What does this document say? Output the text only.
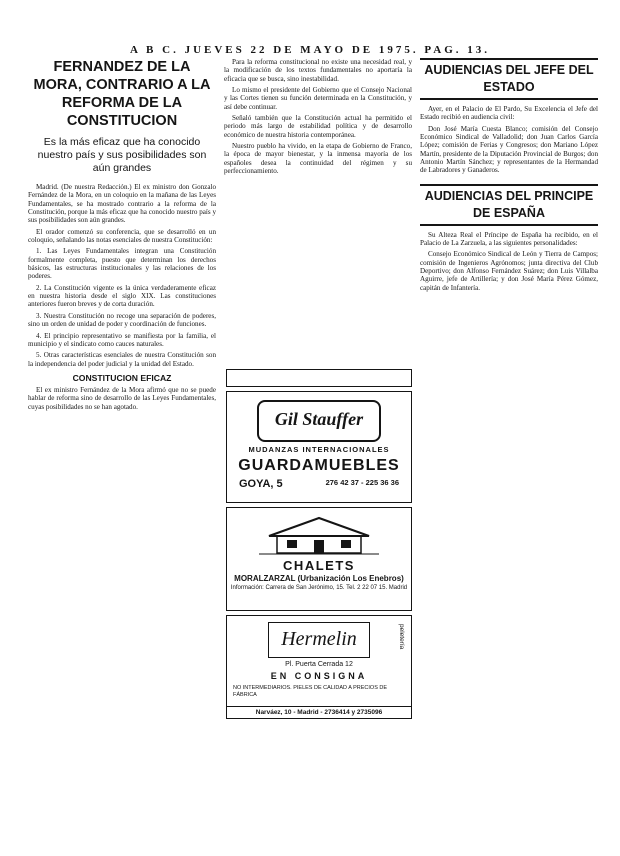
A B C. JUEVES 22 DE MAYO DE 1975. PAG. 13.
FERNANDEZ DE LA MORA, CONTRARIO A LA REFORMA DE LA CONSTITUCION

Es la más eficaz que ha conocido nuestro país y sus posibilidades son aún grandes

Madrid. (De nuestra Redacción.) El ex ministro don Gonzalo Fernández de la Mora, en un coloquio en la mañana de las Leyes Fundamentales, se ha mostrado contrario a la reforma de la Constitución, porque la más eficaz que ha conocido nuestro país y sus posibilidades son aún grandes.

El orador comenzó su conferencia, que se desarrolló en un coloquio, señalando las notas esenciales de nuestra Constitución:

1. Las Leyes Fundamentales integran una Constitución formalmente completa, puesto que determinan los derechos básicos, las estructuras institucionales y las relaciones de los poderes.

2. La Constitución vigente es la única verdaderamente eficaz en nuestra historia desde el siglo XIX. Las constituciones anteriores fueron breves y de corta duración.

3. Nuestra Constitución no recoge una separación de poderes, sino un orden de unidad de poder y coordinación de funciones.

4. El principio representativo se manifiesta por la familia, el municipio y el sindicato como cauces naturales.

5. Otras características esenciales de nuestra Constitución son la independencia del poder judicial y la unidad del Estado.

CONSTITUCION EFICAZ

El ex ministro Fernández de la Mora afirmó que no se puede hablar de reforma sino de desarrollo de las Leyes Fundamentales, cuyas posibilidades no se han agotado.

Para la reforma constitucional no existe una necesidad real, y la modificación de los textos fundamentales no aportaría la eficacia que se busca, sino inestabilidad.

Lo mismo el presidente del Gobierno que el Consejo Nacional y las Cortes tienen su función determinada en la Constitución, y así debe continuar.

Señaló también que la Constitución actual ha permitido el periodo más largo de estabilidad política y de desarrollo económico de nuestra historia contemporánea.

Nuestro pueblo ha vivido, en la etapa de Gobierno de Franco, la época de mayor bienestar, y la inmensa mayoría de los españoles desea la continuidad del régimen y su perfeccionamiento.

Gil Stauffer
MUDANZAS INTERNACIONALES
GUARDAMUEBLES
GOYA, 5	276 42 37 - 225 36 36
CHALETS
MORALZARZAL (Urbanización Los Enebros)
Información: Carrera de San Jerónimo, 15. Tel. 2 22 07 15. Madrid
peletería
Hermelin
Pl. Puerta Cerrada 12
EN CONSIGNA
NO INTERMEDIARIOS. PIELES DE CALIDAD A PRECIOS DE FÁBRICA
Narváez, 10 - Madrid - 2736414 y 2735096
AUDIENCIAS DEL JEFE DEL ESTADO

Ayer, en el Palacio de El Pardo, Su Excelencia el Jefe del Estado recibió en audiencia civil:

Don José María Cuesta Blanco; comisión del Consejo Económico Sindical de Valladolid; don Juan Carlos García López; comisión de Ferias y Congresos; don Mariano López Martín, presidente de la Diputación Provincial de Burgos; don Antonio Martín Sánchez; y representantes de la Hermandad de Labradores y Ganaderos.

AUDIENCIAS DEL PRINCIPE DE ESPAÑA

Su Alteza Real el Príncipe de España ha recibido, en el Palacio de La Zarzuela, a las siguientes personalidades:

Consejo Económico Sindical de León y Tierra de Campos; comisión de Ingenieros Agrónomos; junta directiva del Club Deportivo; don Alfonso Fernández Suárez; don Luis Villalba Aguirre, jefe de Artillería; y don José María Pérez Gómez, capitán de Infantería.
